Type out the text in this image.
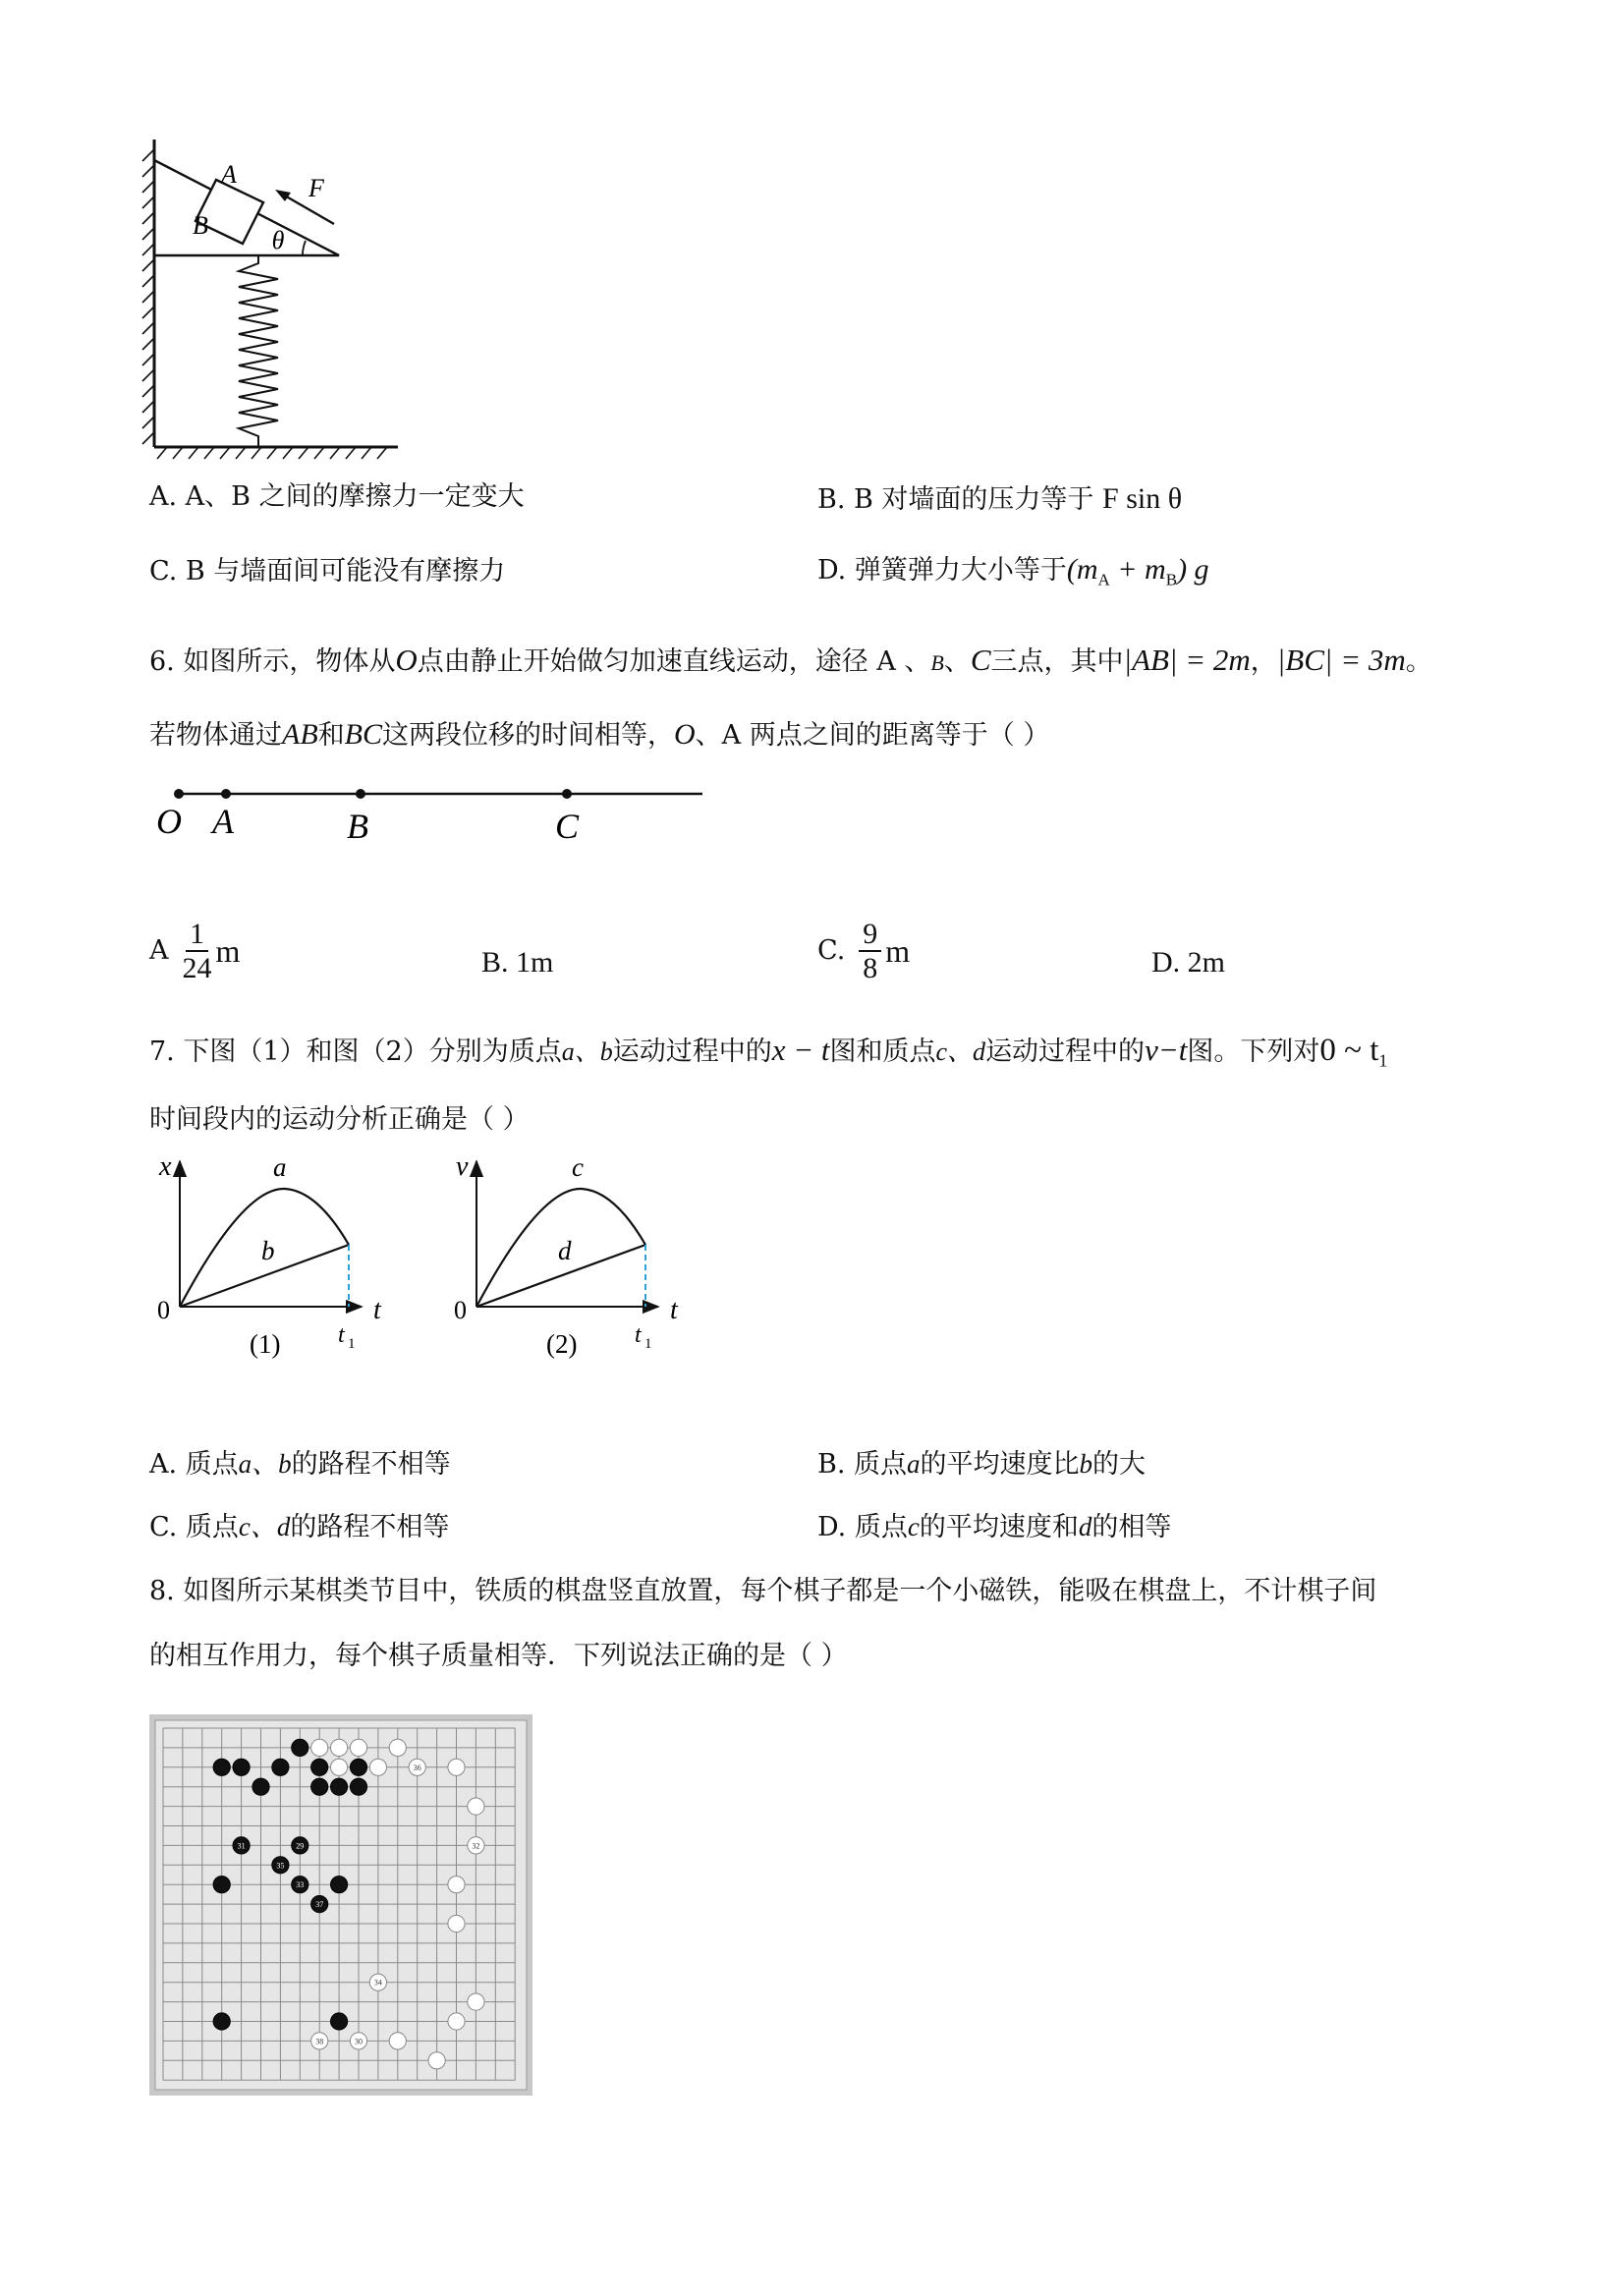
A
B
F
θ
A. A、B 之间的摩擦力一定变大	B. B 对墙面的压力等于 F sin θ
C. B 与墙面间可能没有摩擦力	D. 弹簧弹力大小等于$(m_A + m_B)$ g
6. 如图所示，物体从O点由静止开始做匀加速直线运动，途径 A 、B、C三点，其中|AB| = 2m，|BC| = 3m。
若物体通过AB和BC这两段位移的时间相等，O、A 两点之间的距离等于（ ）
O A	B	C
A $\frac{1}{24}$ m	B. 1m	C. $\frac{9}{8}$ m	D. 2m
7. 下图（1）和图（2）分别为质点a、b运动过程中的x − t图和质点c、d运动过程中的v−t图。下列对0 ~ $t_1$
时间段内的运动分析正确是（ ）
x
t
0
a
b
t 1
(1)
v
t
0
c
d
t 1
(2)
A. 质点a、b的路程不相等	B. 质点a的平均速度比b的大
C. 质点c、d的路程不相等	D. 质点c的平均速度和d的相等
8. 如图所示某棋类节目中，铁质的棋盘竖直放置，每个棋子都是一个小磁铁，能吸在棋盘上，不计棋子间
的相互作用力，每个棋子质量相等．下列说法正确的是（ ）
36
31	29	32
35
33
37
34
38	30
